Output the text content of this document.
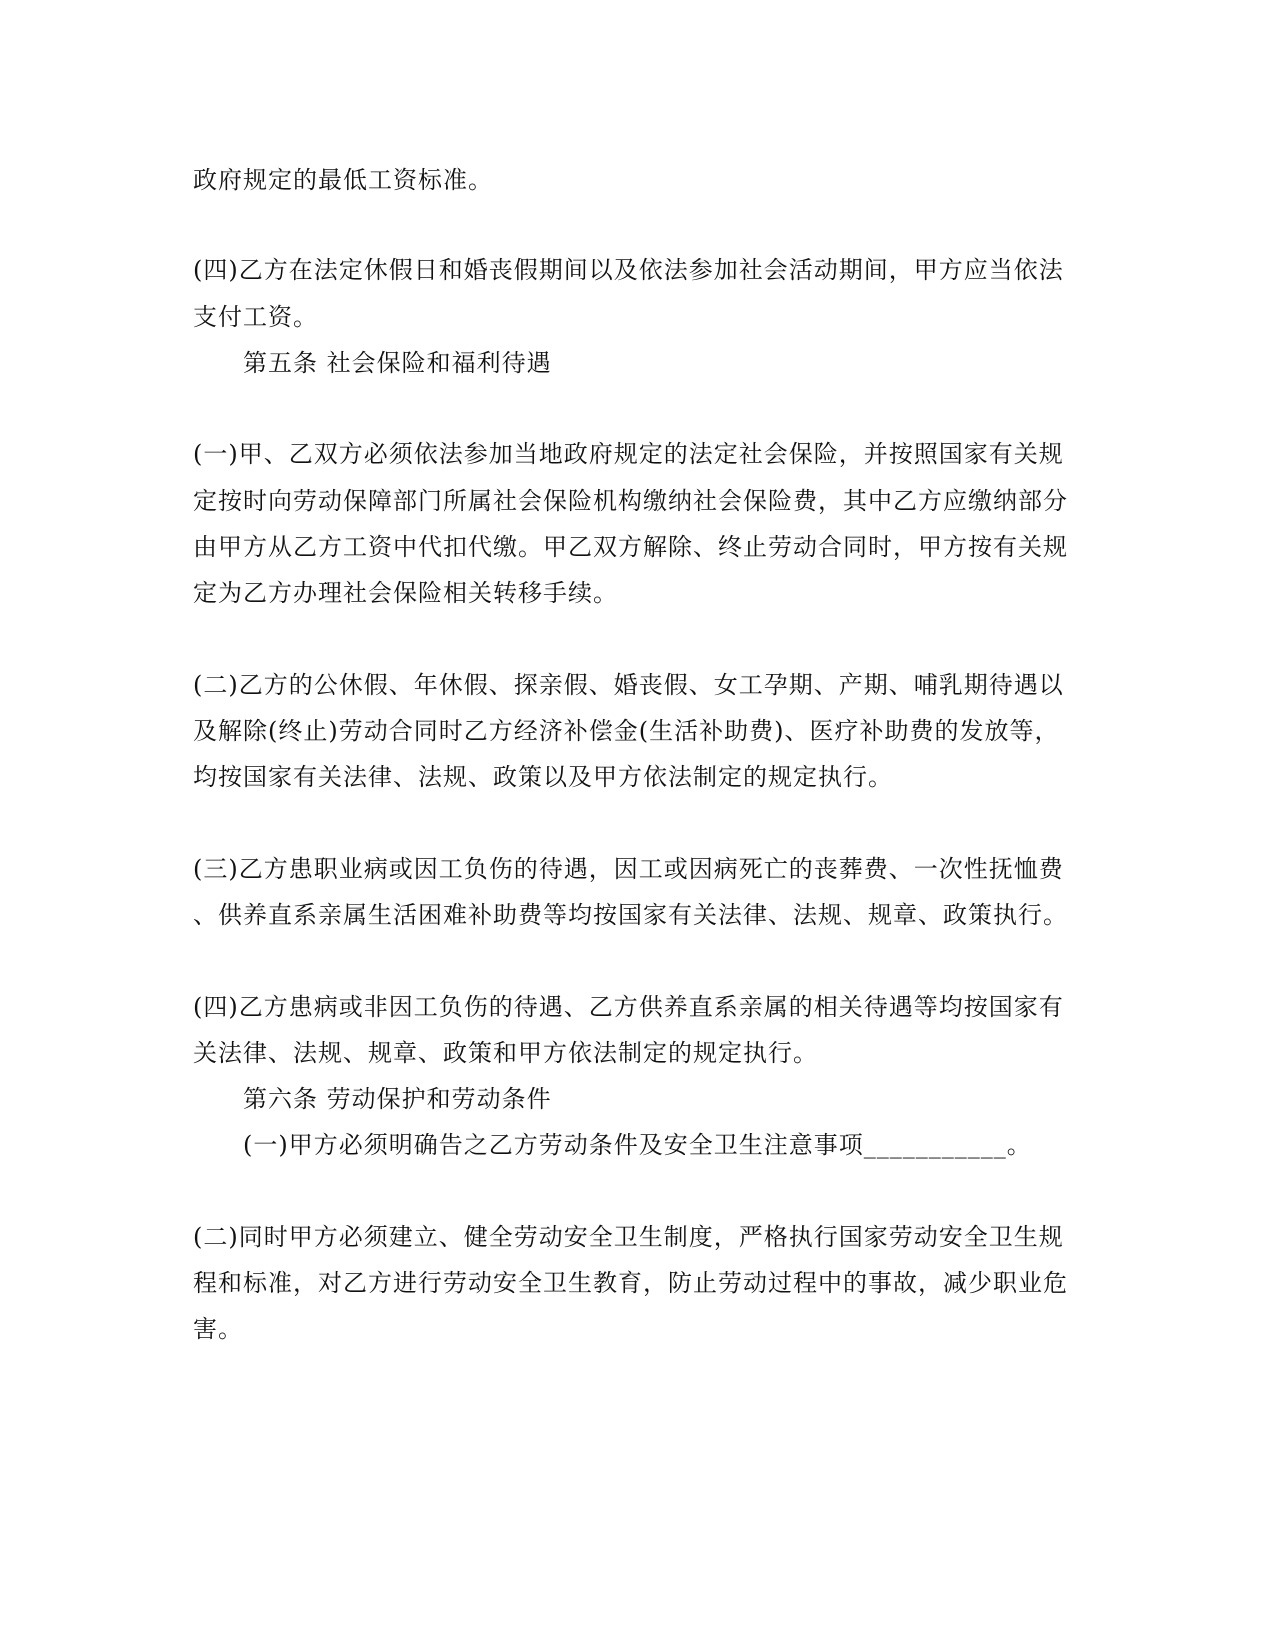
政府规定的最低工资标准。
(四)乙方在法定休假日和婚丧假期间以及依法参加社会活动期间，甲方应当依法
支付工资。
第五条 社会保险和福利待遇
(一)甲、乙双方必须依法参加当地政府规定的法定社会保险，并按照国家有关规
定按时向劳动保障部门所属社会保险机构缴纳社会保险费，其中乙方应缴纳部分
由甲方从乙方工资中代扣代缴。甲乙双方解除、终止劳动合同时，甲方按有关规
定为乙方办理社会保险相关转移手续。
(二)乙方的公休假、年休假、探亲假、婚丧假、女工孕期、产期、哺乳期待遇以
及解除(终止)劳动合同时乙方经济补偿金(生活补助费)、医疗补助费的发放等，
均按国家有关法律、法规、政策以及甲方依法制定的规定执行。
(三)乙方患职业病或因工负伤的待遇，因工或因病死亡的丧葬费、一次性抚恤费
、供养直系亲属生活困难补助费等均按国家有关法律、法规、规章、政策执行。
(四)乙方患病或非因工负伤的待遇、乙方供养直系亲属的相关待遇等均按国家有
关法律、法规、规章、政策和甲方依法制定的规定执行。
第六条 劳动保护和劳动条件
(一)甲方必须明确告之乙方劳动条件及安全卫生注意事项___________。
(二)同时甲方必须建立、健全劳动安全卫生制度，严格执行国家劳动安全卫生规
程和标准，对乙方进行劳动安全卫生教育，防止劳动过程中的事故，减少职业危
害。
